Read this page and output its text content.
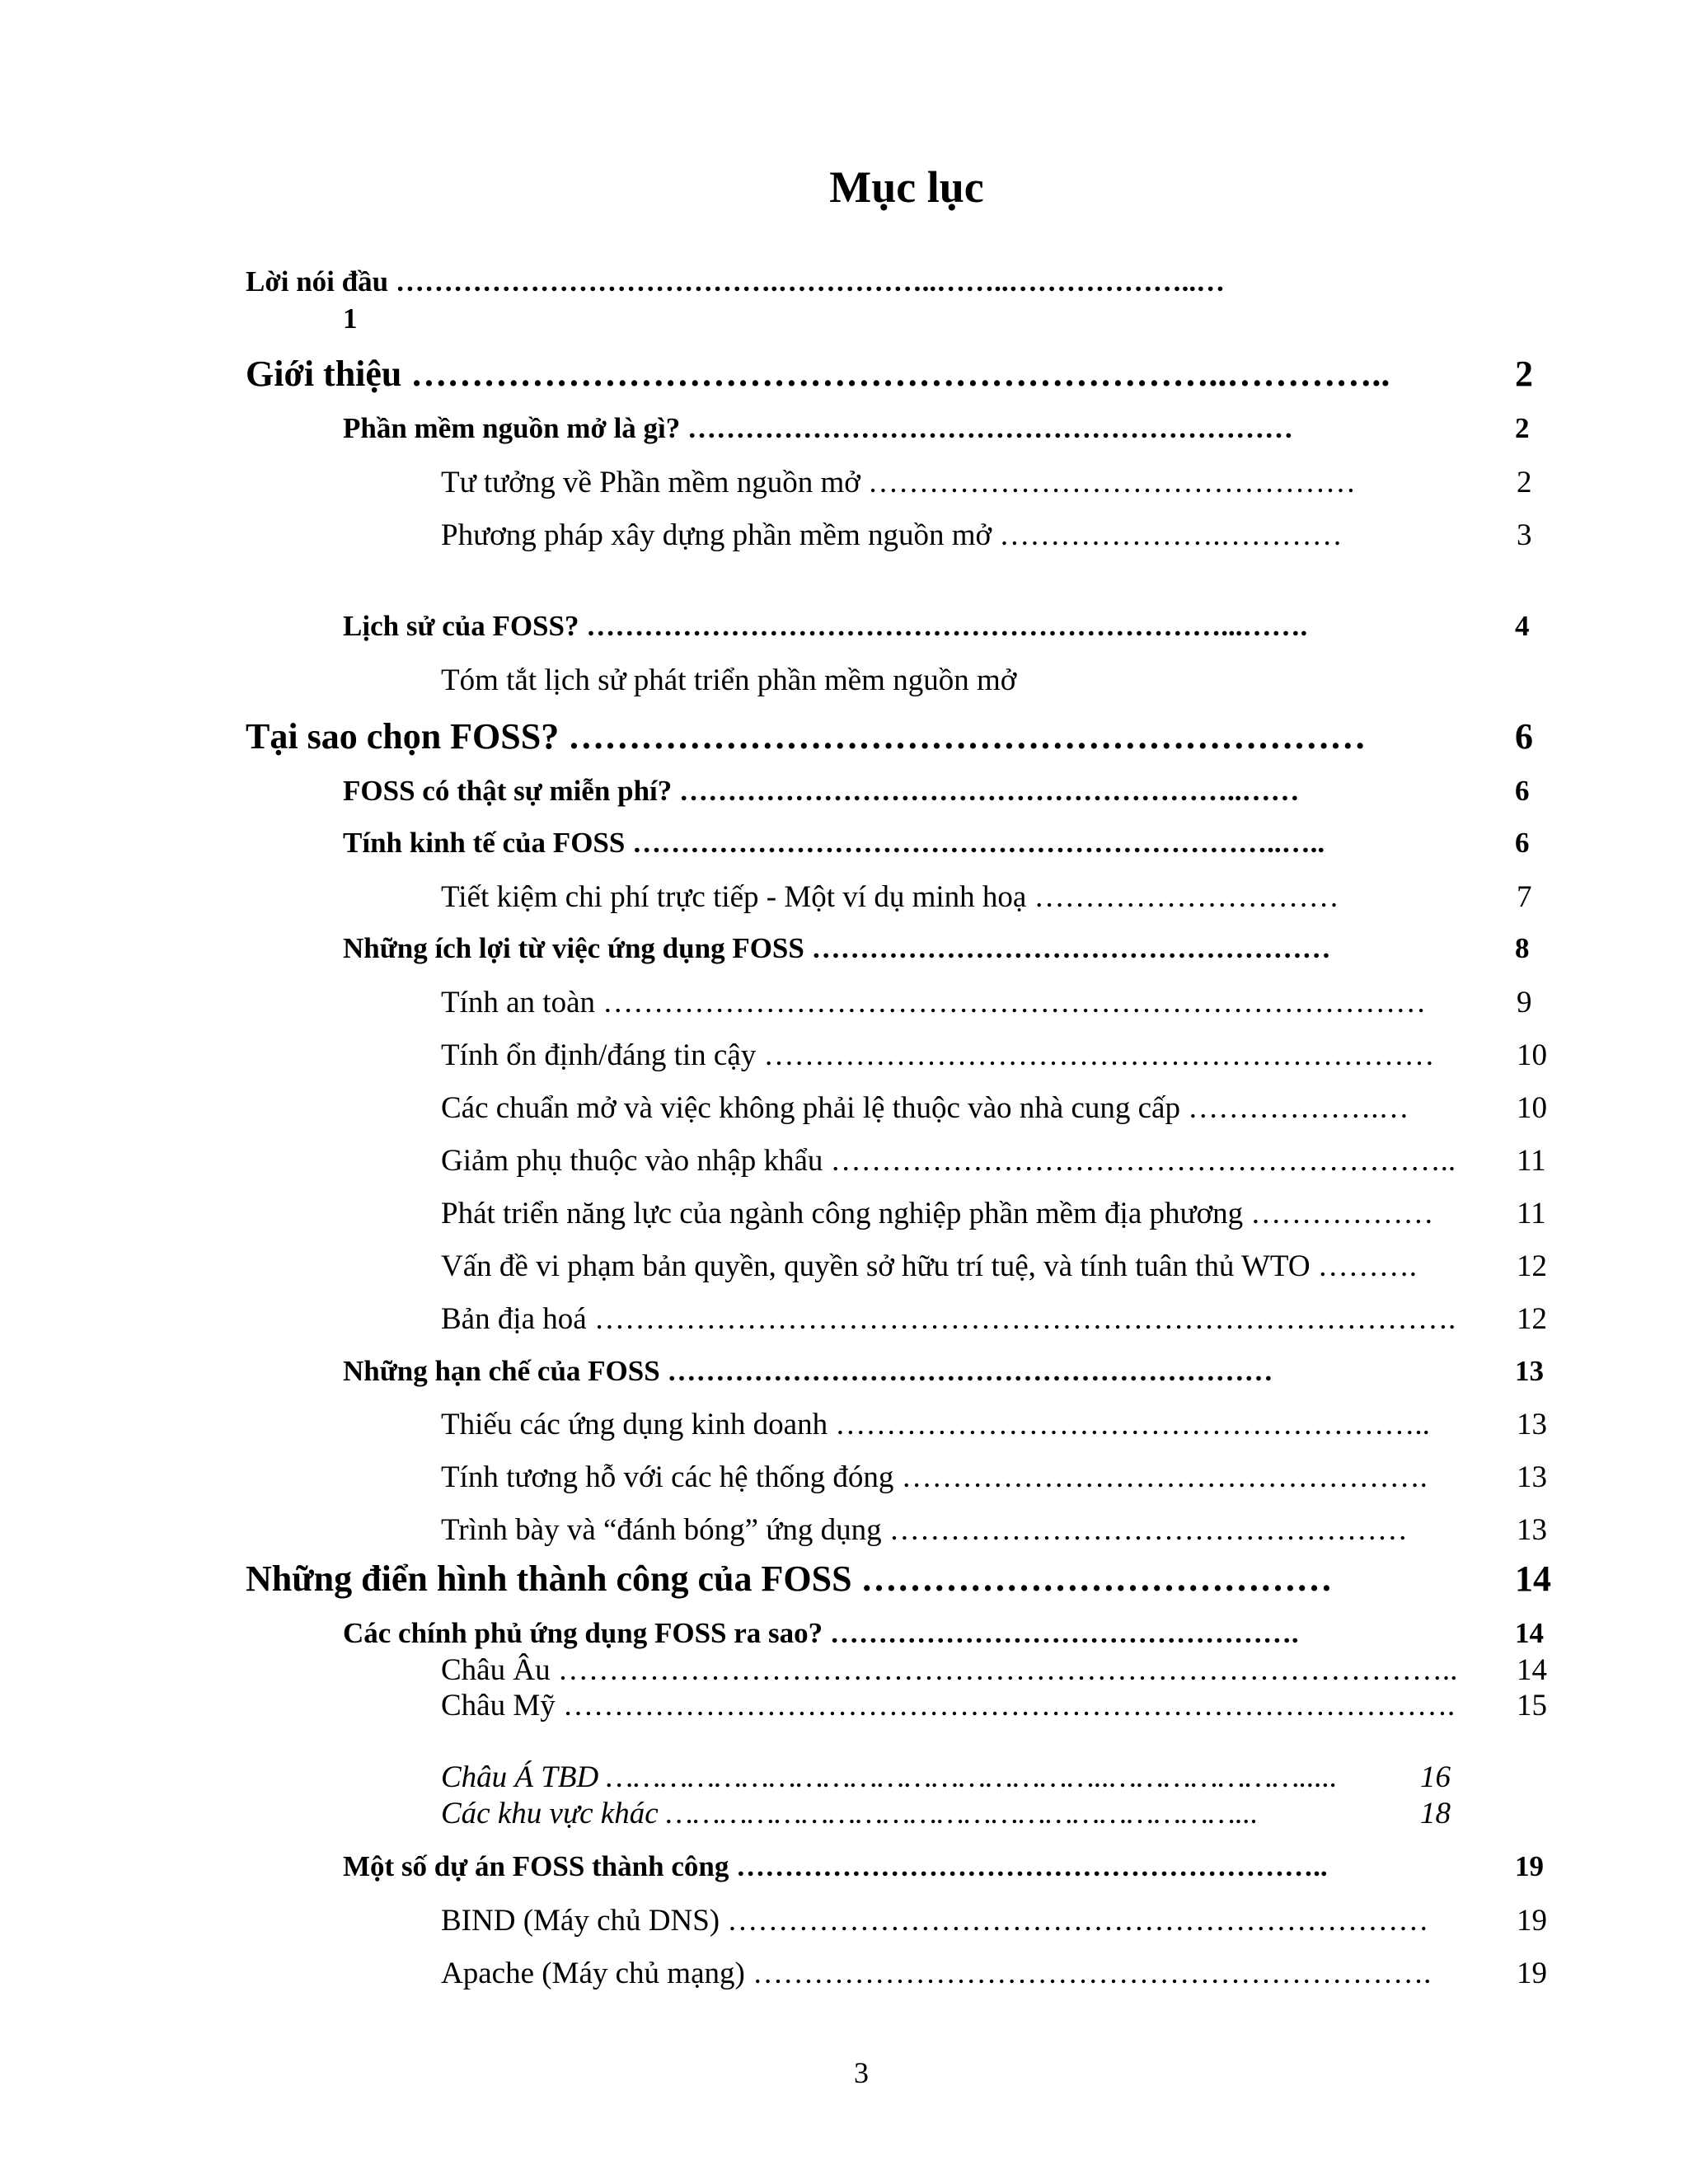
Mục lục
Lời nói đầu ………………………………….……………..……..………………..…
1
Giới thiệu …………………………………………………………..…………..	2
Phần mềm nguồn mở là gì? ………………………………………………………	2
Tư tưởng về Phần mềm nguồn mở …………………………………………	2
Phương pháp xây dựng phần mềm nguồn mở ………………….…………	3
Lịch sử của FOSS? …………………………………………………………...…….	4
Tóm tắt lịch sử phát triển phần mềm nguồn mở
Tại sao chọn FOSS? …………………………………………………………	6
FOSS có thật sự miễn phí? …………………………………………………..……	6
Tính kinh tế của FOSS …………………………………………………………..…..	6
Tiết kiệm chi phí trực tiếp - Một ví dụ minh hoạ …………………………	7
Những ích lợi từ việc ứng dụng FOSS ………………………………………………	8
Tính an toàn ………………………………………………………………………	9
Tính ổn định/đáng tin cậy …………………………………………………………	10
Các chuẩn mở và việc không phải lệ thuộc vào nhà cung cấp ……………….…	10
Giảm phụ thuộc vào nhập khẩu ……………………………………………………..	11
Phát triển năng lực của ngành công nghiệp phần mềm địa phương ………………	11
Vấn đề vi phạm bản quyền, quyền sở hữu trí tuệ, và tính tuân thủ WTO ……….	12
Bản địa hoá ………………………………………………………………………….	12
Những hạn chế của FOSS ………………………………………………………	13
Thiếu các ứng dụng kinh doanh …………………………………………………..	13
Tính tương hỗ với các hệ thống đóng …………………………………………….	13
Trình bày và “đánh bóng” ứng dụng ……………………………………………	13
Những điển hình thành công của FOSS …………………………………	14
Các chính phủ ứng dụng FOSS ra sao? ………………………………………….	14
Châu Âu ……………………………………………………………………………..	14
Châu Mỹ …………………………………………………………………………….	15
Châu Á TBD ………………………………………………..………………….....	16
Các khu vực khác ………………………………………………………...	18
Một số dự án FOSS thành công ……………………………………………………..	19
BIND (Máy chủ DNS) ……………………………………………………………	19
Apache (Máy chủ mạng) ………………………………………………………….	19
3
